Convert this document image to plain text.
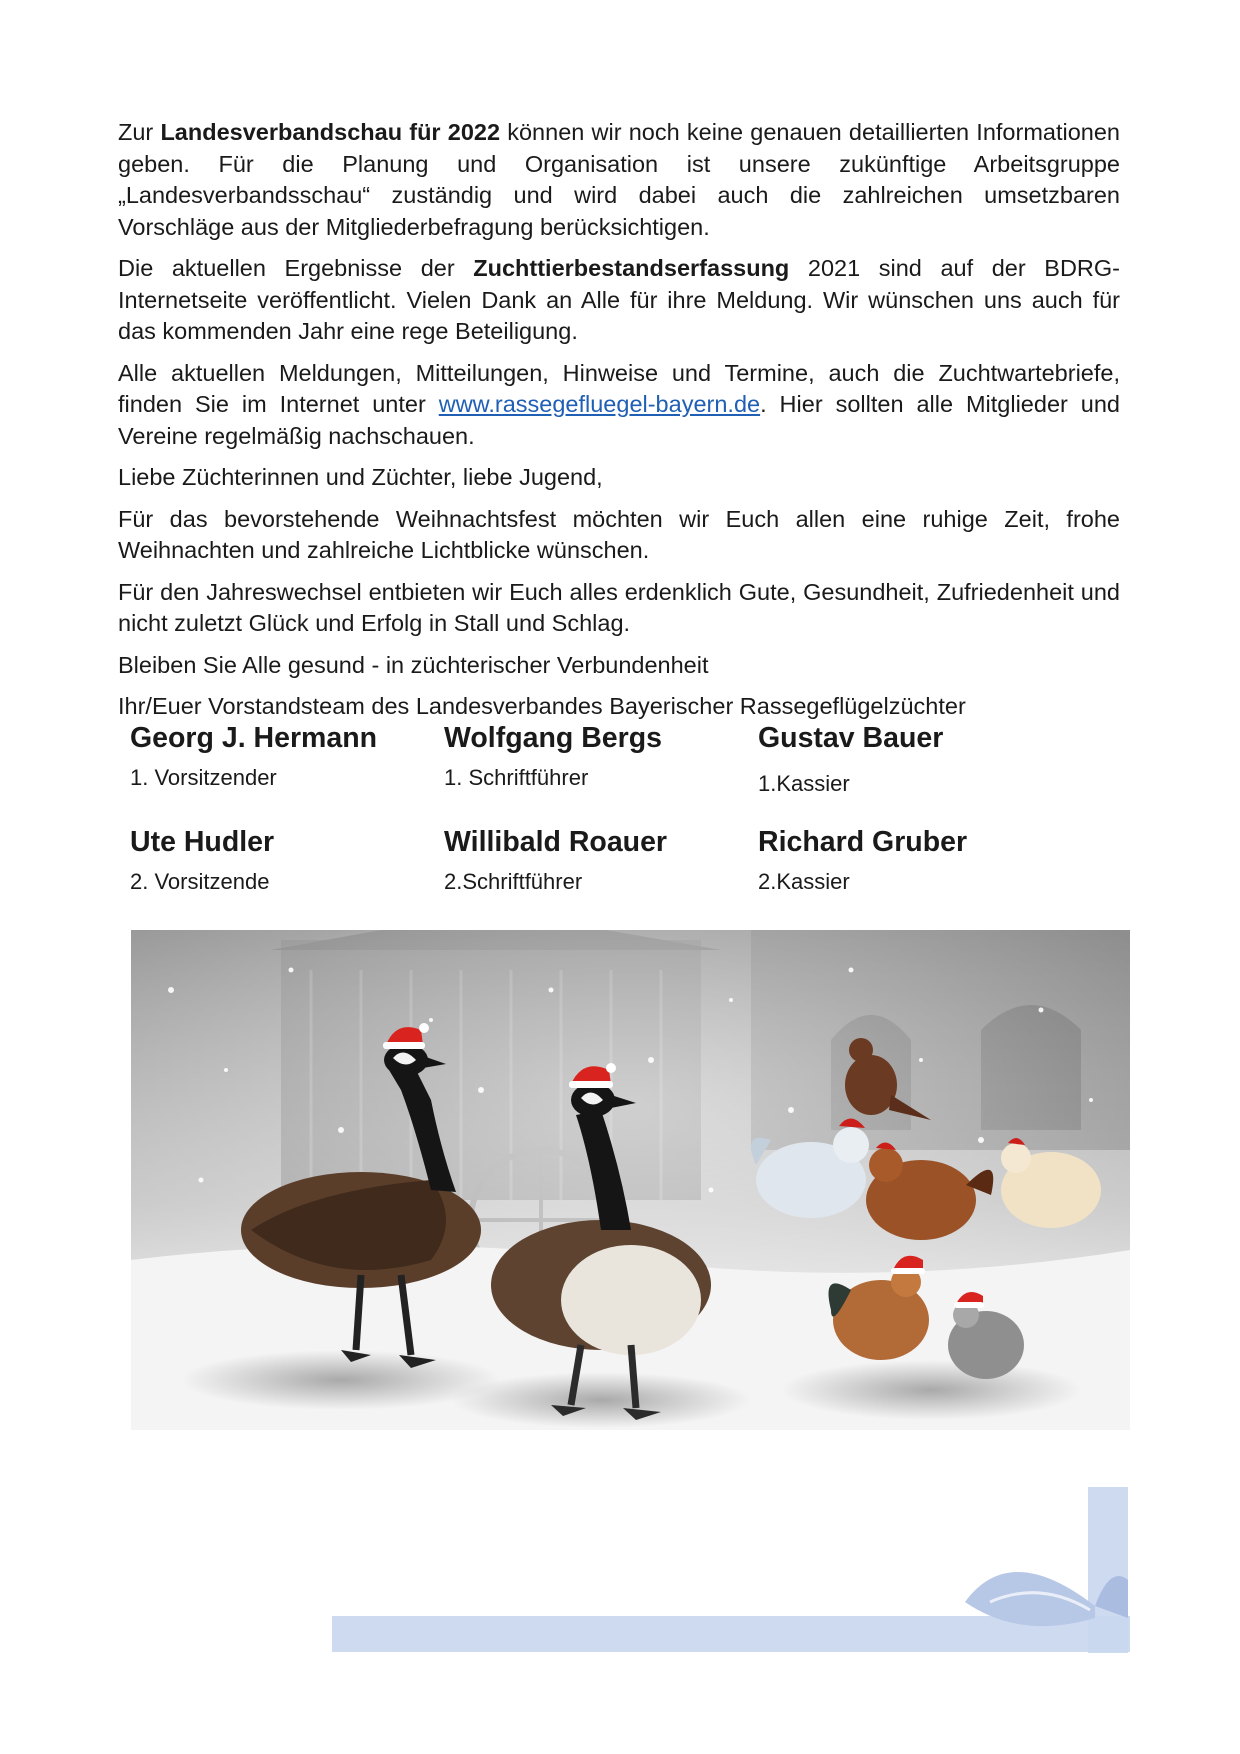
Zur Landesverbandschau für 2022 können wir noch keine genauen detaillierten Informationen geben. Für die Planung und Organisation ist unsere zukünftige Arbeitsgruppe „Landesverbandsschau“ zuständig und wird dabei auch die zahlreichen umsetzbaren Vorschläge aus der Mitgliederbefragung berücksichtigen.

Die aktuellen Ergebnisse der Zuchttierbestandserfassung 2021 sind auf der BDRG-Internetseite veröffentlicht. Vielen Dank an Alle für ihre Meldung. Wir wünschen uns auch für das kommenden Jahr eine rege Beteiligung.

Alle aktuellen Meldungen, Mitteilungen, Hinweise und Termine, auch die Zuchtwartebriefe, finden Sie im Internet unter www.rassegefluegel-bayern.de. Hier sollten alle Mitglieder und Vereine regelmäßig nachschauen.

Liebe Züchterinnen und Züchter, liebe Jugend,

Für das bevorstehende Weihnachtsfest möchten wir Euch allen eine ruhige Zeit, frohe Weihnachten und zahlreiche Lichtblicke wünschen.

Für den Jahreswechsel entbieten wir Euch alles erdenklich Gute, Gesundheit, Zufriedenheit und nicht zuletzt Glück und Erfolg in Stall und Schlag.

Bleiben Sie Alle gesund - in züchterischer Verbundenheit

Ihr/Euer Vorstandsteam des Landesverbandes Bayerischer Rassegeflügelzüchter

Georg J. Hermann
1. Vorsitzender
Wolfgang Bergs
1. Schriftführer
Gustav Bauer
1.Kassier
Ute Hudler
2. Vorsitzende
Willibald Roauer
2.Schriftführer
Richard Gruber
2.Kassier
